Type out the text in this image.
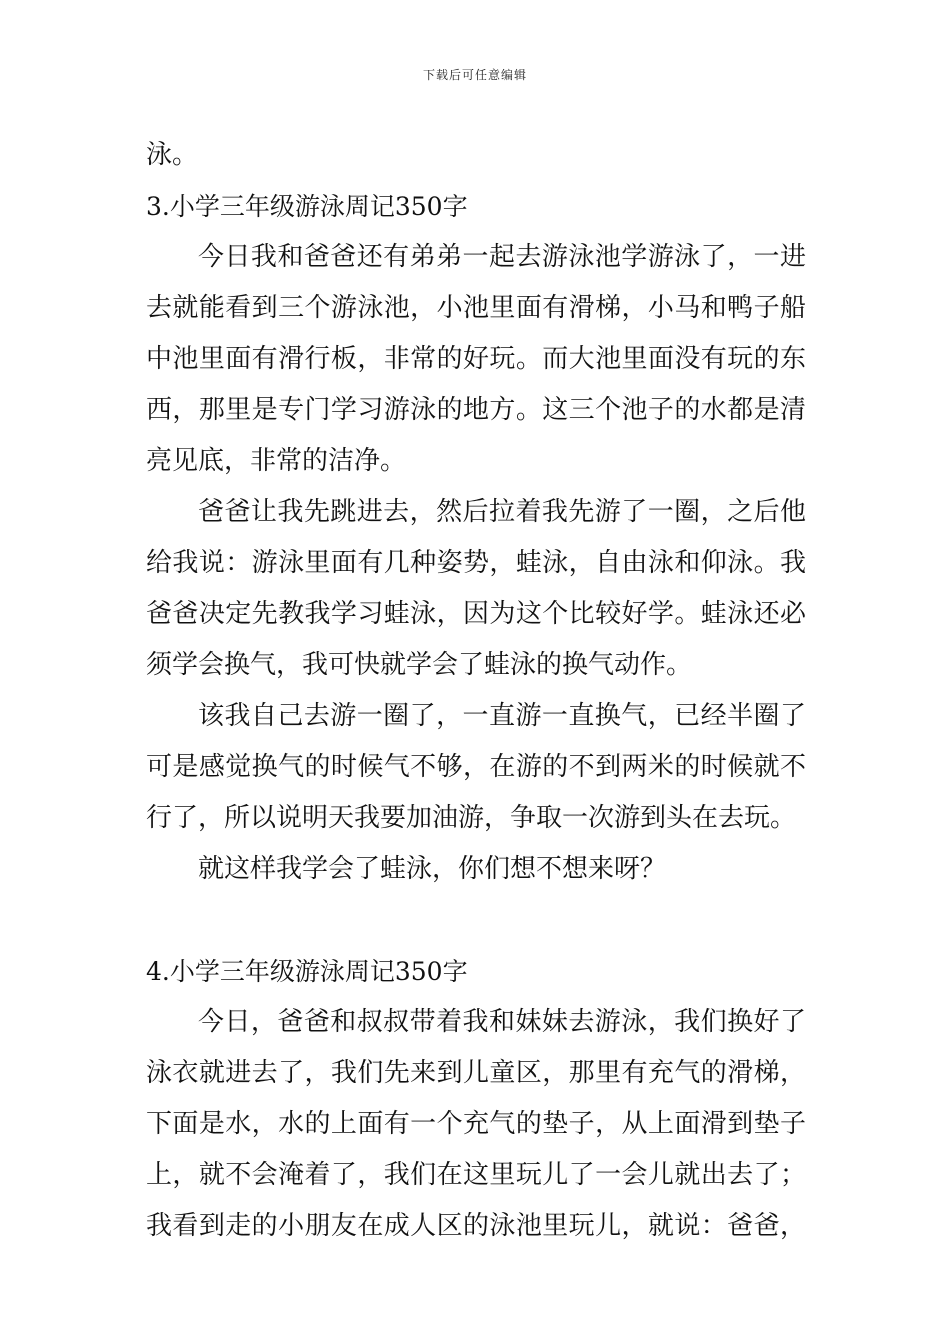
下载后可任意编辑
泳。
3.小学三年级游泳周记350字
今日我和爸爸还有弟弟一起去游泳池学游泳了，一进
去就能看到三个游泳池，小池里面有滑梯，小马和鸭子船
中池里面有滑行板，非常的好玩。而大池里面没有玩的东
西，那里是专门学习游泳的地方。这三个池子的水都是清
亮见底，非常的洁净。
爸爸让我先跳进去，然后拉着我先游了一圈，之后他
给我说：游泳里面有几种姿势，蛙泳，自由泳和仰泳。我
爸爸决定先教我学习蛙泳，因为这个比较好学。蛙泳还必
须学会换气，我可快就学会了蛙泳的换气动作。
该我自己去游一圈了，一直游一直换气，已经半圈了
可是感觉换气的时候气不够，在游的不到两米的时候就不
行了，所以说明天我要加油游，争取一次游到头在去玩。
就这样我学会了蛙泳，你们想不想来呀？
4.小学三年级游泳周记350字
今日，爸爸和叔叔带着我和妹妹去游泳，我们换好了
泳衣就进去了，我们先来到儿童区，那里有充气的滑梯，
下面是水，水的上面有一个充气的垫子，从上面滑到垫子
上，就不会淹着了，我们在这里玩儿了一会儿就出去了；
我看到走的小朋友在成人区的泳池里玩儿，就说：爸爸，
